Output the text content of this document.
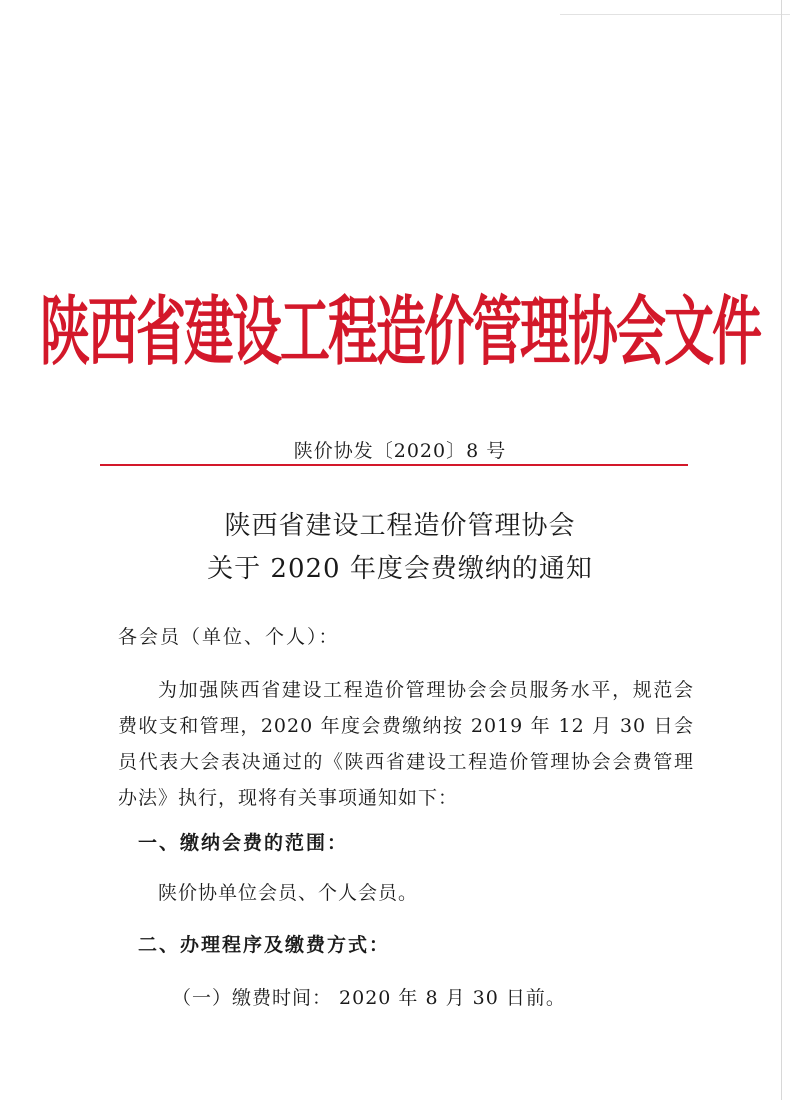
陕西省建设工程造价管理协会文件
陕价协发〔2020〕8 号
陕西省建设工程造价管理协会
关于 2020 年度会费缴纳的通知
各会员（单位、个人）：

为加强陕西省建设工程造价管理协会会员服务水平，规范会费收支和管理，2020 年度会费缴纳按 2019 年 12 月 30 日会员代表大会表决通过的《陕西省建设工程造价管理协会会费管理办法》执行，现将有关事项通知如下：

一、缴纳会费的范围：
陕价协单位会员、个人会员。
二、办理程序及缴费方式：
（一）缴费时间： 2020 年 8 月 30 日前。
